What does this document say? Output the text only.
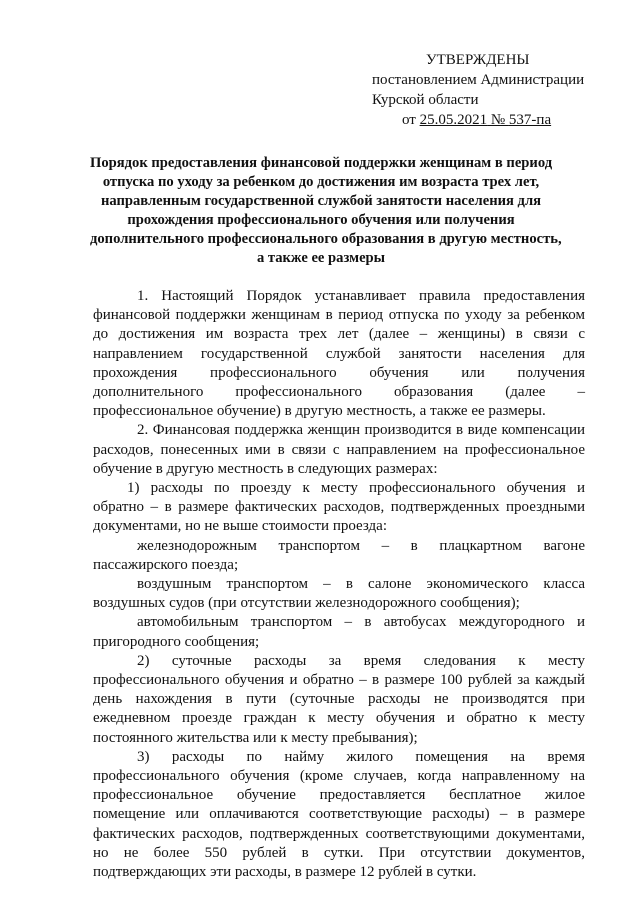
УТВЕРЖДЕНЫ
постановлением Администрации
Курской области
от 25.05.2021 № 537-па
Порядок предоставления финансовой поддержки женщинам в период
отпуска по уходу за ребенком до достижения им возраста трех лет,
направленным государственной службой занятости населения для
прохождения профессионального обучения или получения
дополнительного профессионального образования в другую местность,
а также ее размеры
1. Настоящий Порядок устанавливает правила предоставления
финансовой поддержки женщинам в период отпуска по уходу за ребенком
до достижения им возраста трех лет (далее – женщины) в связи с
направлением государственной службой занятости населения для
прохождения профессионального обучения или получения
дополнительного профессионального образования (далее –
профессиональное обучение) в другую местность, а также ее размеры.
2. Финансовая поддержка женщин производится в виде компенсации
расходов, понесенных ими в связи с направлением на профессиональное
обучение в другую местность в следующих размерах:
1) расходы по проезду к месту профессионального обучения и
обратно – в размере фактических расходов, подтвержденных проездными
документами, но не выше стоимости проезда:
железнодорожным транспортом – в плацкартном вагоне
пассажирского поезда;
воздушным транспортом – в салоне экономического класса
воздушных судов (при отсутствии железнодорожного сообщения);
автомобильным транспортом – в автобусах междугородного и
пригородного сообщения;
2) суточные расходы за время следования к месту
профессионального обучения и обратно – в размере 100 рублей за каждый
день нахождения в пути (суточные расходы не производятся при
ежедневном проезде граждан к месту обучения и обратно к месту
постоянного жительства или к месту пребывания);
3) расходы по найму жилого помещения на время
профессионального обучения (кроме случаев, когда направленному на
профессиональное обучение предоставляется бесплатное жилое
помещение или оплачиваются соответствующие расходы) – в размере
фактических расходов, подтвержденных соответствующими документами,
но не более 550 рублей в сутки. При отсутствии документов,
подтверждающих эти расходы, в размере 12 рублей в сутки.
